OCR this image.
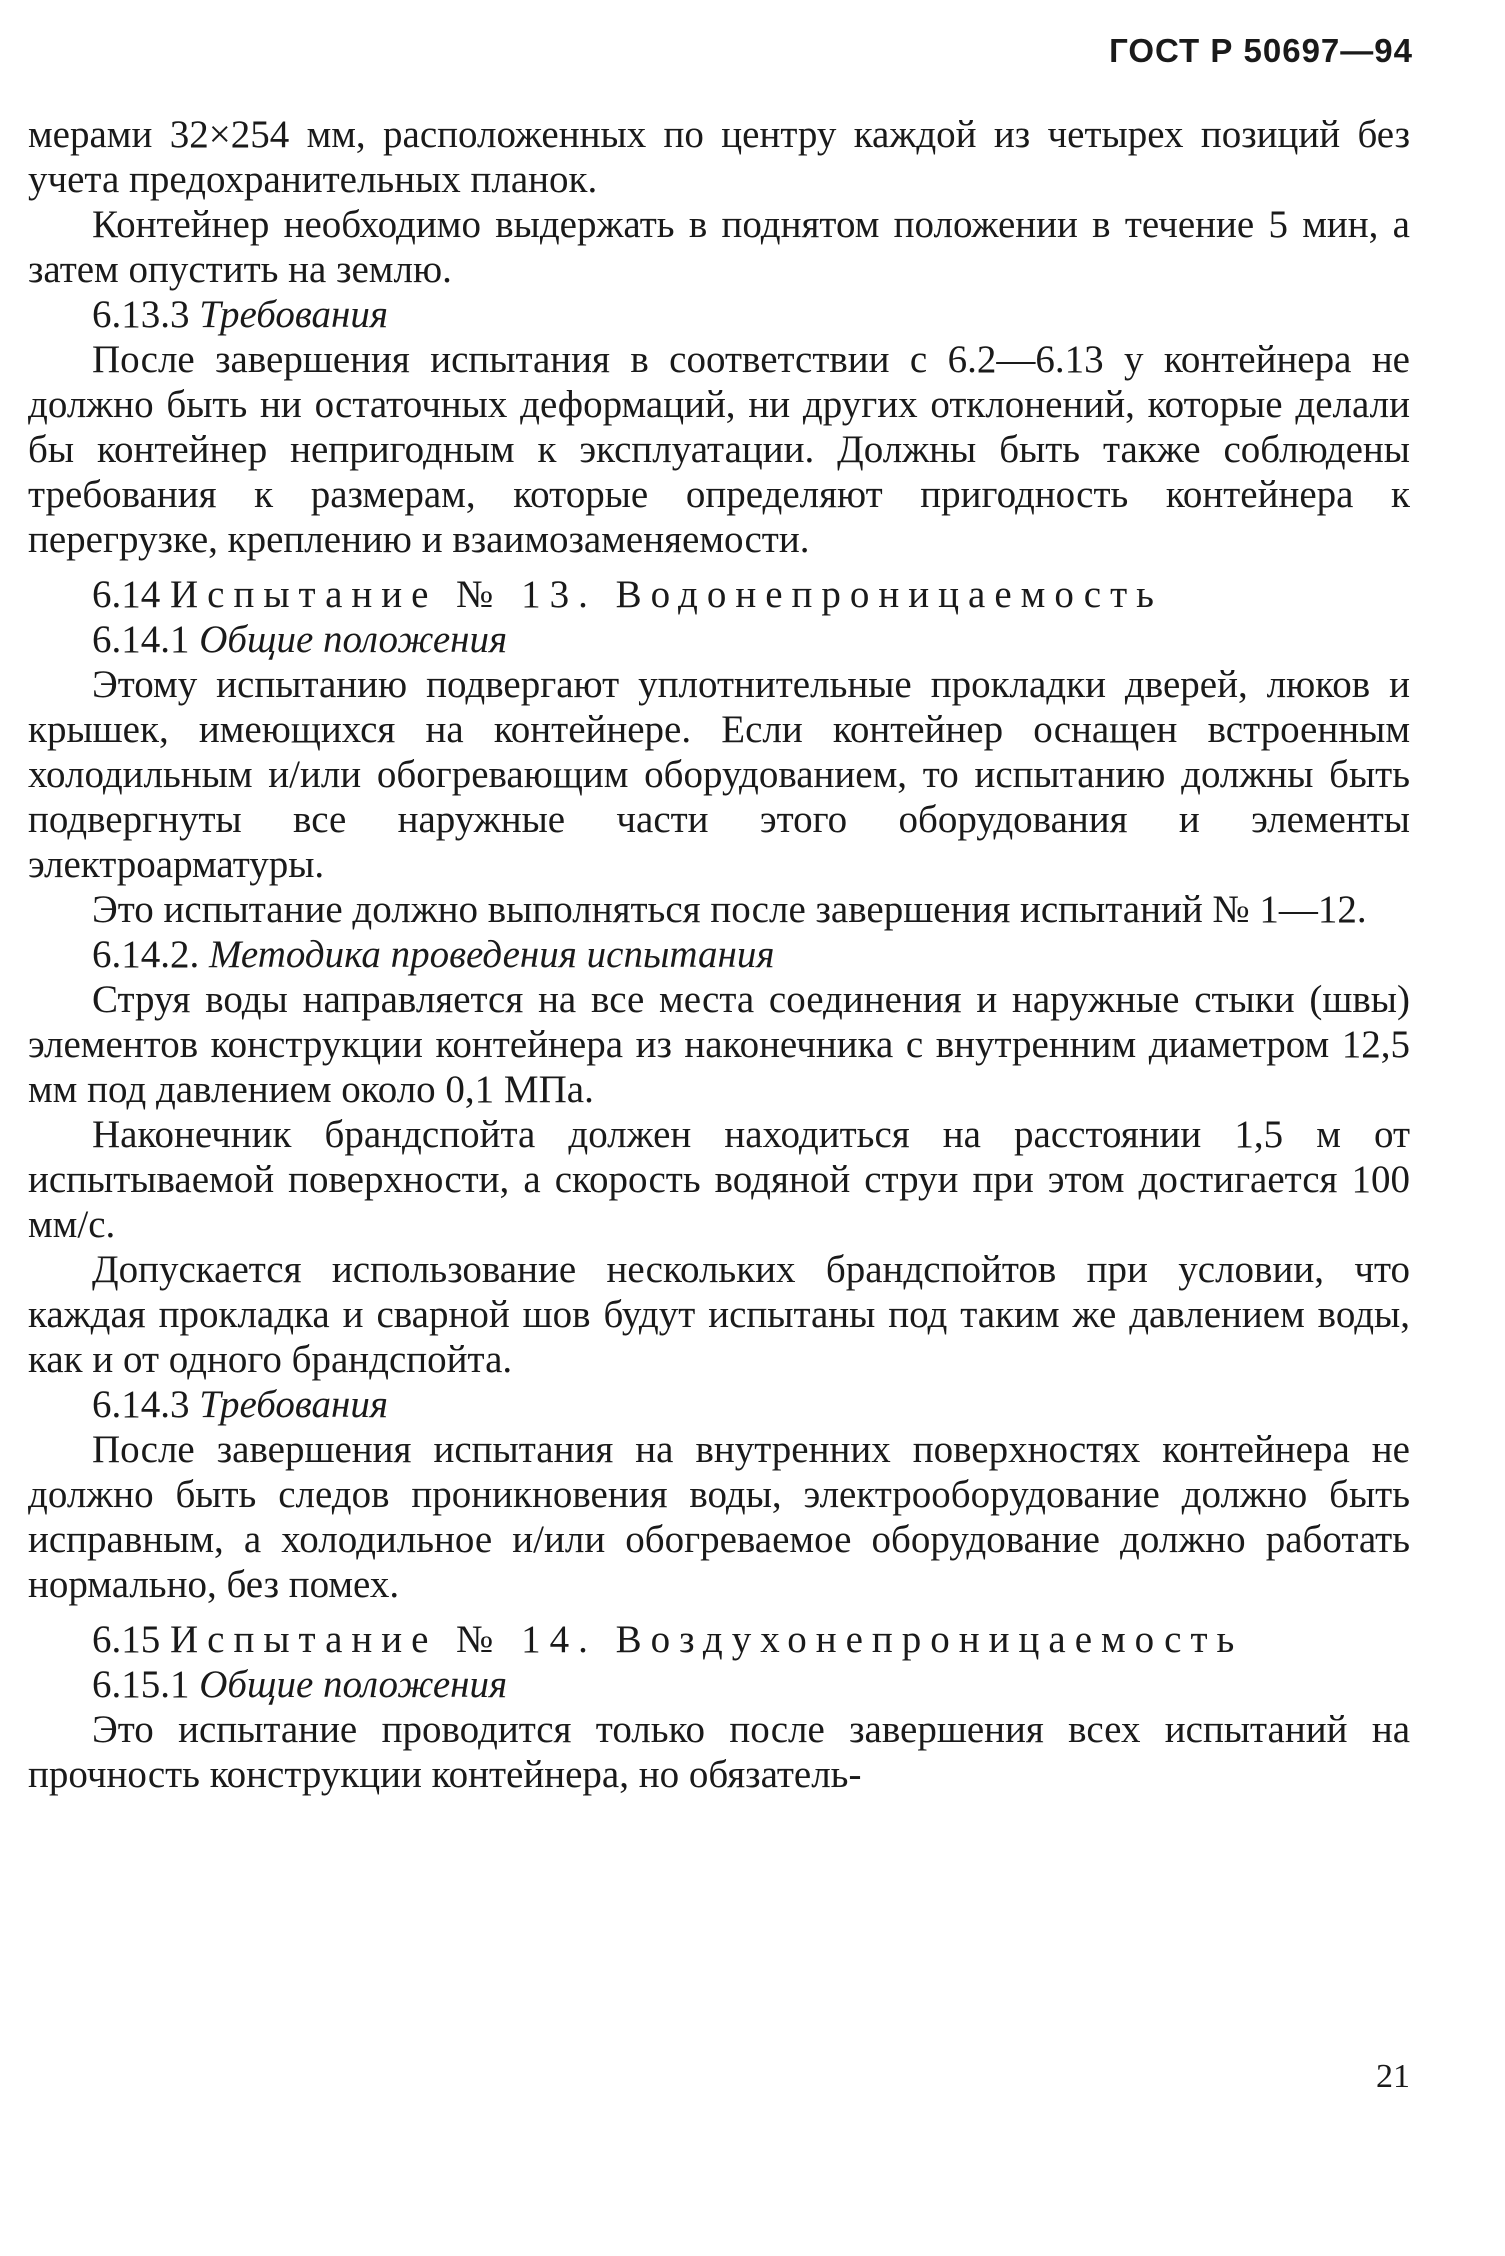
ГОСТ Р 50697—94
мерами 32×254 мм, расположенных по центру каждой из четырех позиций без учета предохранительных планок.
Контейнер необходимо выдержать в поднятом положении в течение 5 мин, а затем опустить на землю.
6.13.3 Требования
После завершения испытания в соответствии с 6.2—6.13 у контейнера не должно быть ни остаточных деформаций, ни других отклонений, которые делали бы контейнер непригодным к эксплуатации. Должны быть также соблюдены требования к размерам, которые определяют пригодность контейнера к перегрузке, креплению и взаимозаменяемости.
6.14 Испытание № 13. Водонепроницаемость
6.14.1 Общие положения
Этому испытанию подвергают уплотнительные прокладки дверей, люков и крышек, имеющихся на контейнере. Если контейнер оснащен встроенным холодильным и/или обогревающим оборудованием, то испытанию должны быть подвергнуты все наружные части этого оборудования и элементы электроарматуры.
Это испытание должно выполняться после завершения испытаний № 1—12.
6.14.2. Методика проведения испытания
Струя воды направляется на все места соединения и наружные стыки (швы) элементов конструкции контейнера из наконечника с внутренним диаметром 12,5 мм под давлением около 0,1 МПа.
Наконечник брандспойта должен находиться на расстоянии 1,5 м от испытываемой поверхности, а скорость водяной струи при этом достигается 100 мм/с.
Допускается использование нескольких брандспойтов при условии, что каждая прокладка и сварной шов будут испытаны под таким же давлением воды, как и от одного брандспойта.
6.14.3 Требования
После завершения испытания на внутренних поверхностях контейнера не должно быть следов проникновения воды, электрооборудование должно быть исправным, а холодильное и/или обогреваемое оборудование должно работать нормально, без помех.
6.15 Испытание № 14. Воздухонепроницаемость
6.15.1 Общие положения
Это испытание проводится только после завершения всех испытаний на прочность конструкции контейнера, но обязатель-
21
